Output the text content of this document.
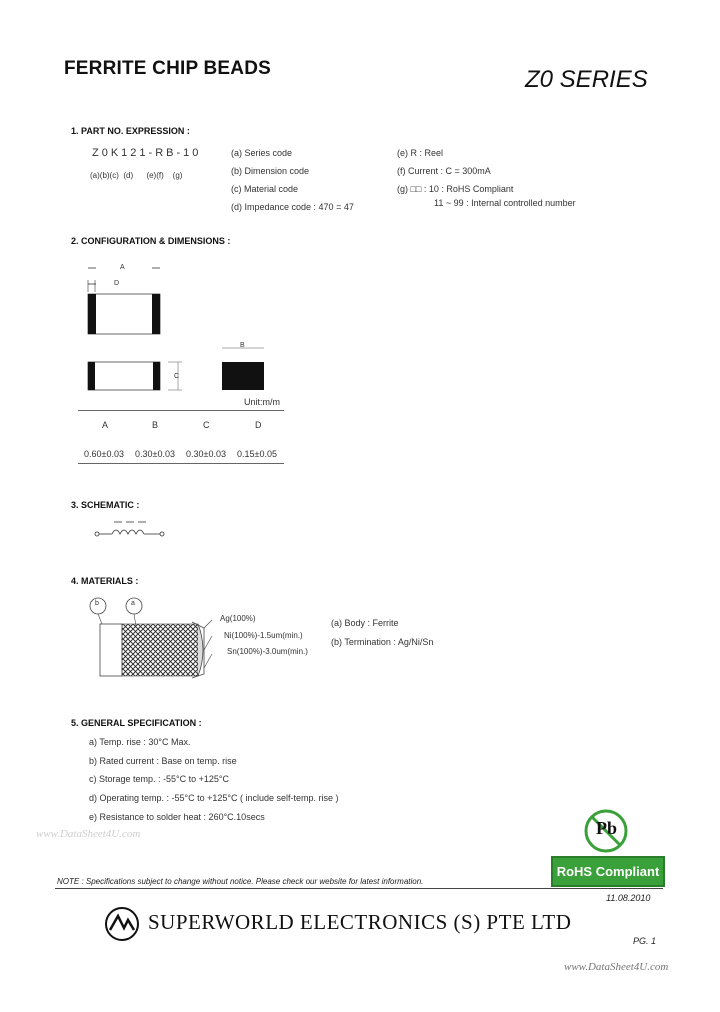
FERRITE CHIP BEADS	Z0 SERIES
1. PART NO. EXPRESSION :
Z0K121-RB-10
(a)(b)(c)  (d)      (e)(f)    (g)
(a) Series code
(b) Dimension code
(c) Material code
(d) Impedance code : 470 = 47
(e) R : Reel
(f) Current : C = 300mA
(g) □□ : 10 : RoHS Compliant
11 ~ 99 : Internal controlled number
2. CONFIGURATION & DIMENSIONS :
A
D
C
B
Unit:m/m
A	B	C	D
0.60±0.03 0.30±0.03 0.30±0.03 0.15±0.05
3. SCHEMATIC :
4. MATERIALS :
b	a
Ag(100%)
Ni(100%)-1.5um(min.)
Sn(100%)-3.0um(min.)
(a) Body : Ferrite
(b) Termination : Ag/Ni/Sn
5. GENERAL SPECIFICATION :
a) Temp. rise : 30°C Max.
b) Rated current : Base on temp. rise
c) Storage temp. : -55°C to +125°C
d) Operating temp. : -55°C to +125°C ( include self-temp. rise )
e) Resistance to solder heat : 260°C.10secs
www.DataSheet4U.com	Pb
RoHS Compliant
NOTE : Specifications subject to change without notice. Please check our website for latest information.
11.08.2010
SUPERWORLD ELECTRONICS (S) PTE LTD
PG. 1
www.DataSheet4U.com
